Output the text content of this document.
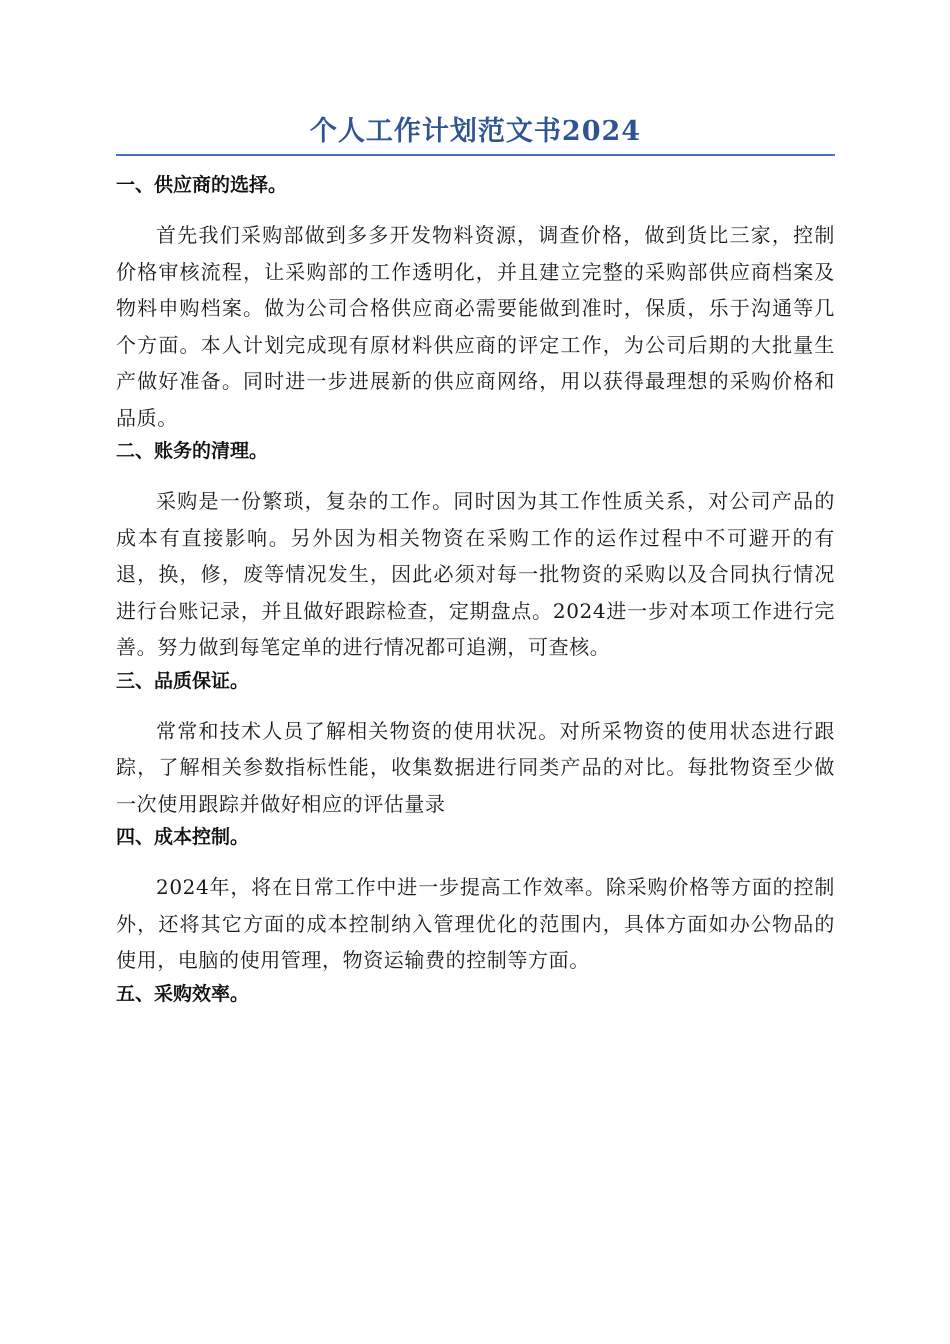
个人工作计划范文书2024
一、供应商的选择。

首先我们采购部做到多多开发物料资源，调查价格，做到货比三家，控制价格审核流程，让采购部的工作透明化，并且建立完整的采购部供应商档案及物料申购档案。做为公司合格供应商必需要能做到准时，保质，乐于沟通等几个方面。本人计划完成现有原材料供应商的评定工作，为公司后期的大批量生产做好准备。同时进一步进展新的供应商网络，用以获得最理想的采购价格和品质。

二、账务的清理。

采购是一份繁琐，复杂的工作。同时因为其工作性质关系，对公司产品的成本有直接影响。另外因为相关物资在采购工作的运作过程中不可避开的有退，换，修，废等情况发生，因此必须对每一批物资的采购以及合同执行情况进行台账记录，并且做好跟踪检查，定期盘点。2024进一步对本项工作进行完善。努力做到每笔定单的进行情况都可追溯，可查核。

三、品质保证。

常常和技术人员了解相关物资的使用状况。对所采物资的使用状态进行跟踪，了解相关参数指标性能，收集数据进行同类产品的对比。每批物资至少做一次使用跟踪并做好相应的评估量录

四、成本控制。

2024年，将在日常工作中进一步提高工作效率。除采购价格等方面的控制外，还将其它方面的成本控制纳入管理优化的范围内，具体方面如办公物品的使用，电脑的使用管理，物资运输费的控制等方面。

五、采购效率。
